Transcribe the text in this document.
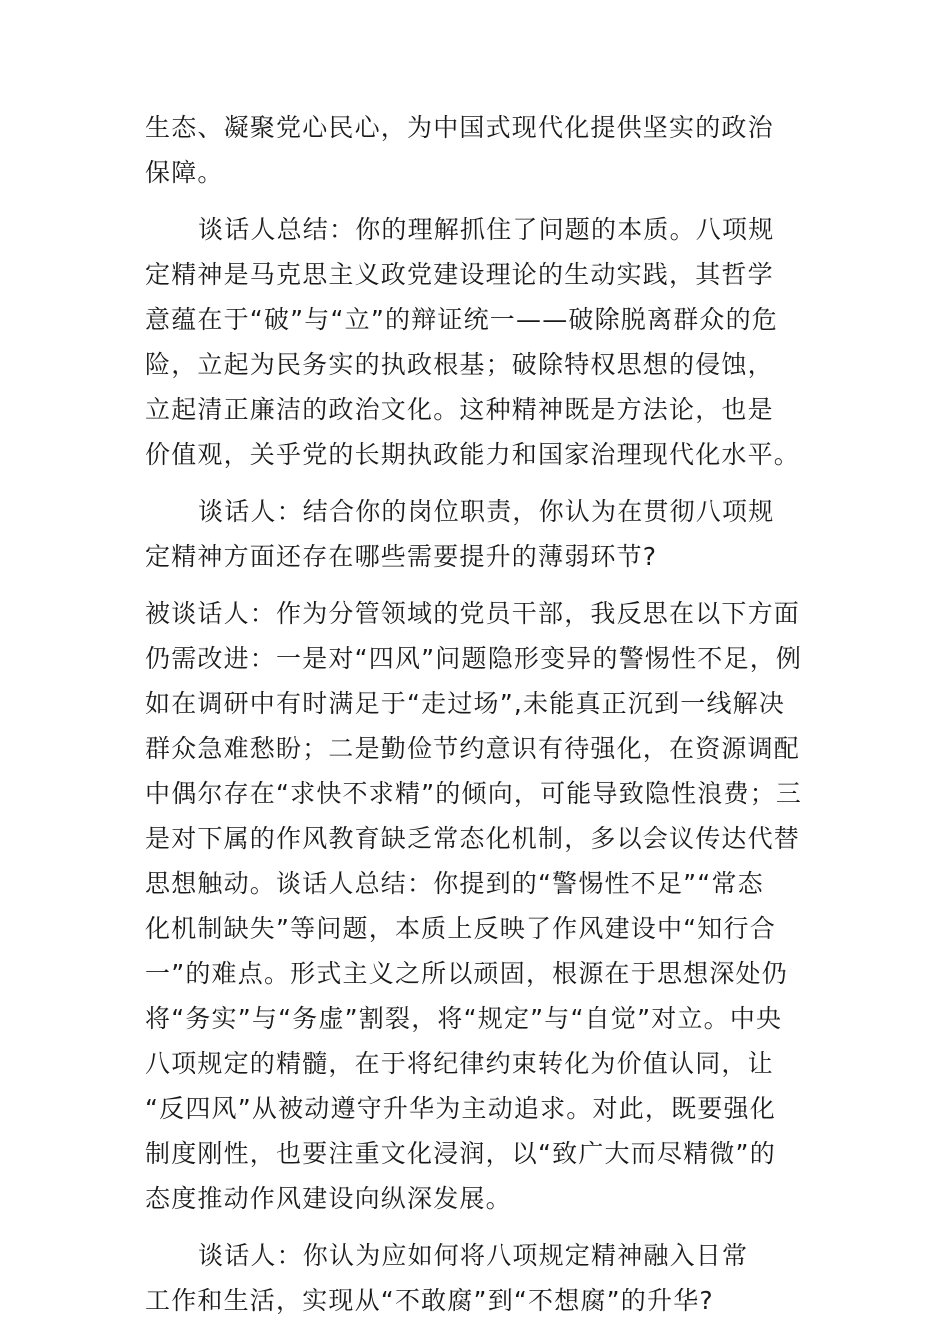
生态、凝聚党心民心，为中国式现代化提供坚实的政治
保障。
谈话人总结：你的理解抓住了问题的本质。八项规
定精神是马克思主义政党建设理论的生动实践，其哲学
意蕴在于“破”与“立”的辩证统一——破除脱离群众的危
险，立起为民务实的执政根基；破除特权思想的侵蚀，
立起清正廉洁的政治文化。这种精神既是方法论，也是
价值观，关乎党的长期执政能力和国家治理现代化水平。
谈话人：结合你的岗位职责，你认为在贯彻八项规
定精神方面还存在哪些需要提升的薄弱环节?
被谈话人：作为分管领域的党员干部，我反思在以下方面
仍需改进：一是对“四风”问题隐形变异的警惕性不足，例
如在调研中有时满足于“走过场”,未能真正沉到一线解决
群众急难愁盼；二是勤俭节约意识有待强化，在资源调配
中偶尔存在“求快不求精”的倾向，可能导致隐性浪费；三
是对下属的作风教育缺乏常态化机制，多以会议传达代替
思想触动。谈话人总结：你提到的“警惕性不足”“常态
化机制缺失”等问题，本质上反映了作风建设中“知行合
一”的难点。形式主义之所以顽固，根源在于思想深处仍
将“务实”与“务虚”割裂，将“规定”与“自觉”对立。中央
八项规定的精髓，在于将纪律约束转化为价值认同，让
“反四风”从被动遵守升华为主动追求。对此，既要强化
制度刚性，也要注重文化浸润，以“致广大而尽精微”的
态度推动作风建设向纵深发展。
谈话人：你认为应如何将八项规定精神融入日常
工作和生活，实现从“不敢腐”到“不想腐”的升华?
